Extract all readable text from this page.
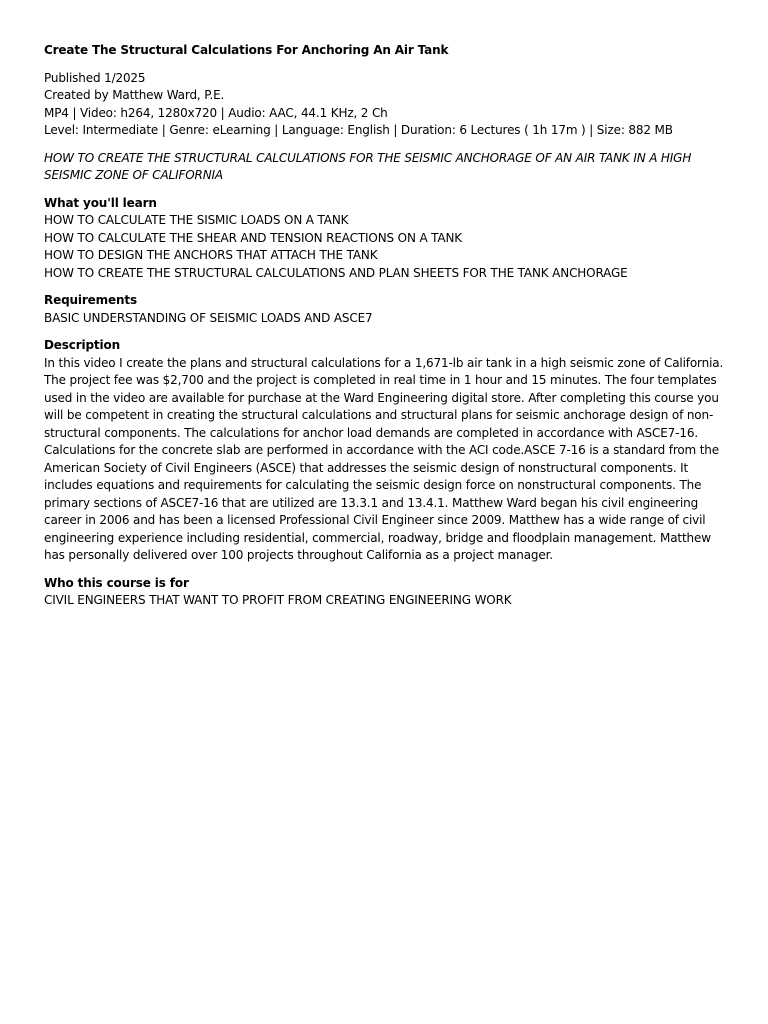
Create The Structural Calculations For Anchoring An Air Tank
Published 1/2025
Created by Matthew Ward, P.E.
MP4 | Video: h264, 1280x720 | Audio: AAC, 44.1 KHz, 2 Ch
Level: Intermediate | Genre: eLearning | Language: English | Duration: 6 Lectures ( 1h 17m ) | Size: 882 MB
HOW TO CREATE THE STRUCTURAL CALCULATIONS FOR THE SEISMIC ANCHORAGE OF AN AIR TANK IN A HIGH SEISMIC ZONE OF CALIFORNIA
What you'll learn
HOW TO CALCULATE THE SISMIC LOADS ON A TANK
HOW TO CALCULATE THE SHEAR AND TENSION REACTIONS ON A TANK
HOW TO DESIGN THE ANCHORS THAT ATTACH THE TANK
HOW TO CREATE THE STRUCTURAL CALCULATIONS AND PLAN SHEETS FOR THE TANK ANCHORAGE
Requirements
BASIC UNDERSTANDING OF SEISMIC LOADS AND ASCE7
Description
In this video I create the plans and structural calculations for a 1,671-lb air tank in a high seismic zone of California. The project fee was $2,700 and the project is completed in real time in 1 hour and 15 minutes. The four templates used in the video are available for purchase at the Ward Engineering digital store. After completing this course you will be competent in creating the structural calculations and structural plans for seismic anchorage design of non-structural components. The calculations for anchor load demands are completed in accordance with ASCE7-16. Calculations for the concrete slab are performed in accordance with the ACI code.ASCE 7-16 is a standard from the American Society of Civil Engineers (ASCE) that addresses the seismic design of nonstructural components. It includes equations and requirements for calculating the seismic design force on nonstructural components. The primary sections of ASCE7-16 that are utilized are 13.3.1 and 13.4.1. Matthew Ward began his civil engineering career in 2006 and has been a licensed Professional Civil Engineer since 2009. Matthew has a wide range of civil engineering experience including residential, commercial, roadway, bridge and floodplain management. Matthew has personally delivered over 100 projects throughout California as a project manager.
Who this course is for
CIVIL ENGINEERS THAT WANT TO PROFIT FROM CREATING ENGINEERING WORK
